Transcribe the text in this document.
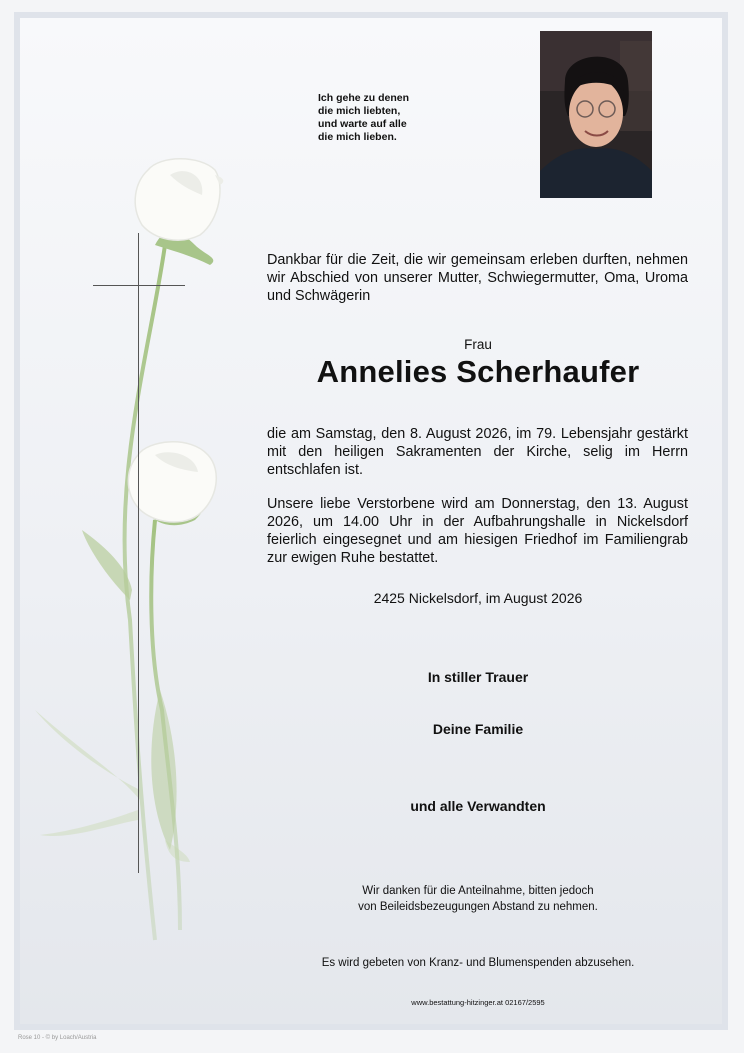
Ich gehe zu denen
die mich liebten,
und warte auf alle
die mich lieben.
Dankbar für die Zeit, die wir gemeinsam erleben durften, nehmen wir Abschied von unserer Mutter, Schwiegermutter, Oma, Uroma und Schwägerin
Frau
Annelies Scherhaufer
die am Samstag, den 8. August 2026, im 79. Lebensjahr gestärkt mit den heiligen Sakramenten der Kirche, selig im Herrn entschlafen ist.
Unsere liebe Verstorbene wird am Donnerstag, den 13. August 2026, um 14.00 Uhr in der Aufbahrungshalle in Nickelsdorf feierlich eingesegnet und am hiesigen Friedhof im Familiengrab zur ewigen Ruhe bestattet.
2425 Nickelsdorf, im August 2026
In stiller Trauer
Deine Familie
und alle Verwandten
Wir danken für die Anteilnahme, bitten jedoch
von Beileidsbezeugungen Abstand zu nehmen.
Es wird gebeten von Kranz- und Blumenspenden abzusehen.
www.bestattung-hitzinger.at 02167/2595
Rose 10 - © by Loach/Austria
